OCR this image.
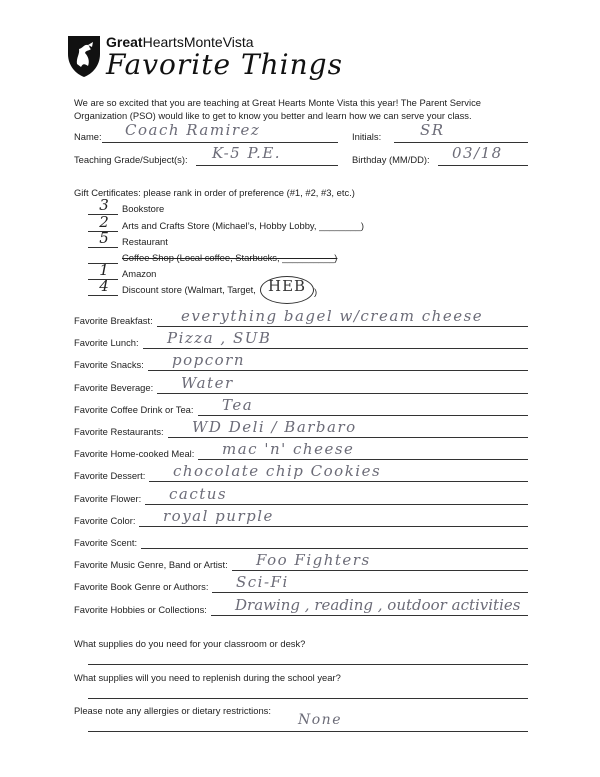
GreatHeartsMonteVista
Favorite Things
We are so excited that you are teaching at Great Hearts Monte Vista this year! The Parent Service
Organization (PSO) would like to get to know you better and learn how we can serve your class.
Name: Coach Ramirez	Initials:	SR
Teaching Grade/Subject(s): K-5 P.E.	Birthday (MM/DD): 03/18
Gift Certificates: please rank in order of preference (#1, #2, #3, etc.)
3	Bookstore
2	Arts and Crafts Store (Michael’s, Hobby Lobby, ________)
5	Restaurant
Coffee Shop (Local coffee, Starbucks, __________)
1	Amazon
4	Discount store (Walmart, Target, HEB )
Favorite Breakfast: everything bagel w/cream cheese
Favorite Lunch: Pizza , SUB
Favorite Snacks: popcorn
Favorite Beverage: Water
Favorite Coffee Drink or Tea: Tea
Favorite Restaurants: WD Deli / Barbaro
Favorite Home-cooked Meal: mac 'n' cheese
Favorite Dessert: chocolate chip Cookies
Favorite Flower: cactus
Favorite Color: royal purple
Favorite Scent:
Favorite Music Genre, Band or Artist: Foo Fighters
Favorite Book Genre or Authors: Sci-Fi
Favorite Hobbies or Collections: Drawing , reading , outdoor activities
What supplies do you need for your classroom or desk?
What supplies will you need to replenish during the school year?
Please note any allergies or dietary restrictions:
None
